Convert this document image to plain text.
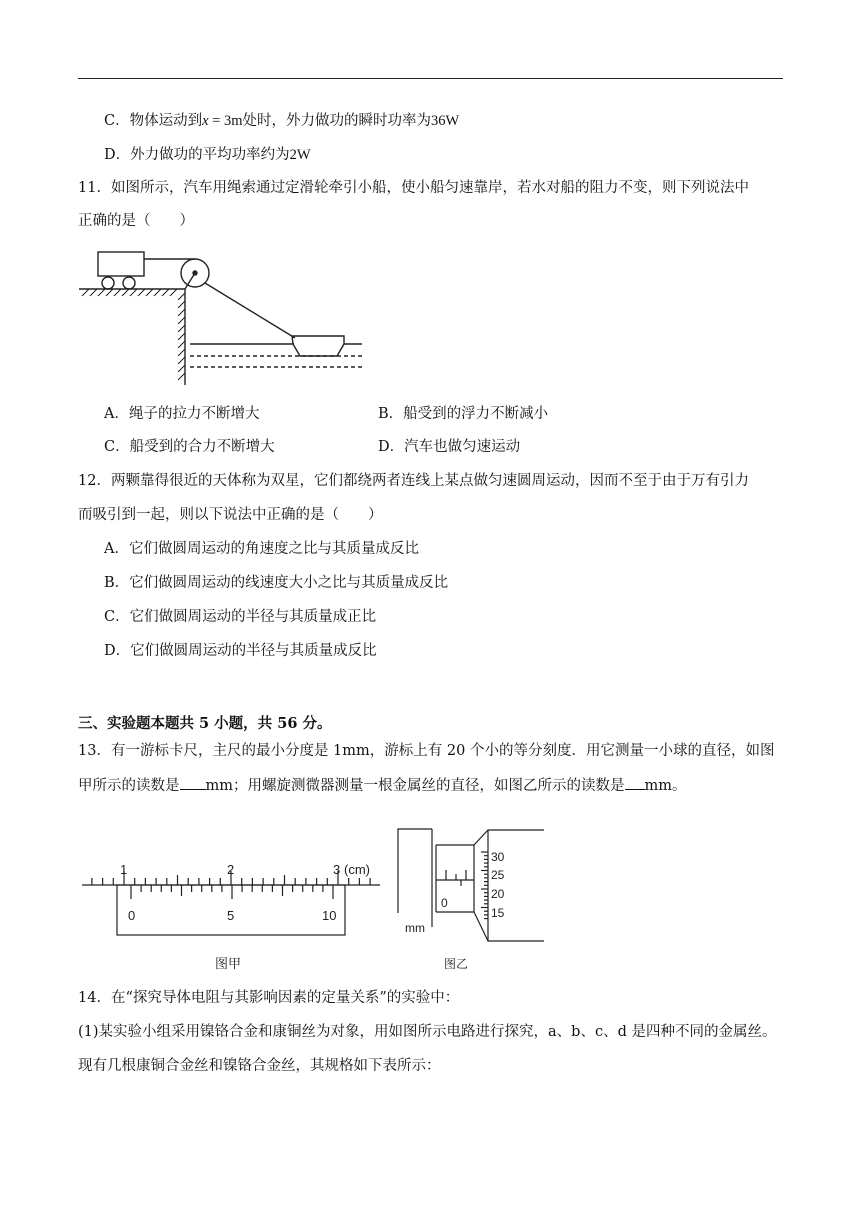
C．物体运动到x = 3m处时，外力做功的瞬时功率为36W
D．外力做功的平均功率约为2W
11．如图所示，汽车用绳索通过定滑轮牵引小船，使小船匀速靠岸，若水对船的阻力不变，则下列说法中
正确的是（　　）
A．绳子的拉力不断增大	B．船受到的浮力不断减小
C．船受到的合力不断增大	D．汽车也做匀速运动
12．两颗靠得很近的天体称为双星，它们都绕两者连线上某点做匀速圆周运动，因而不至于由于万有引力
而吸引到一起，则以下说法中正确的是（　　）
A．它们做圆周运动的角速度之比与其质量成反比
B．它们做圆周运动的线速度大小之比与其质量成反比
C．它们做圆周运动的半径与其质量成正比
D．它们做圆周运动的半径与其质量成反比
三、实验题本题共 5 小题，共 56 分。
13．有一游标卡尺，主尺的最小分度是 1mm，游标上有 20 个小的等分刻度．用它测量一小球的直径，如图
甲所示的读数是 mm；用螺旋测微器测量一根金属丝的直径，如图乙所示的读数是 mm。
1	2	3 (cm)
0	5	10
图甲
30
25
20
15
0
mm
图乙
14．在“探究导体电阻与其影响因素的定量关系”的实验中：
(1)某实验小组采用镍铬合金和康铜丝为对象，用如图所示电路进行探究，a、b、c、d 是四种不同的金属丝。
现有几根康铜合金丝和镍铬合金丝，其规格如下表所示：
